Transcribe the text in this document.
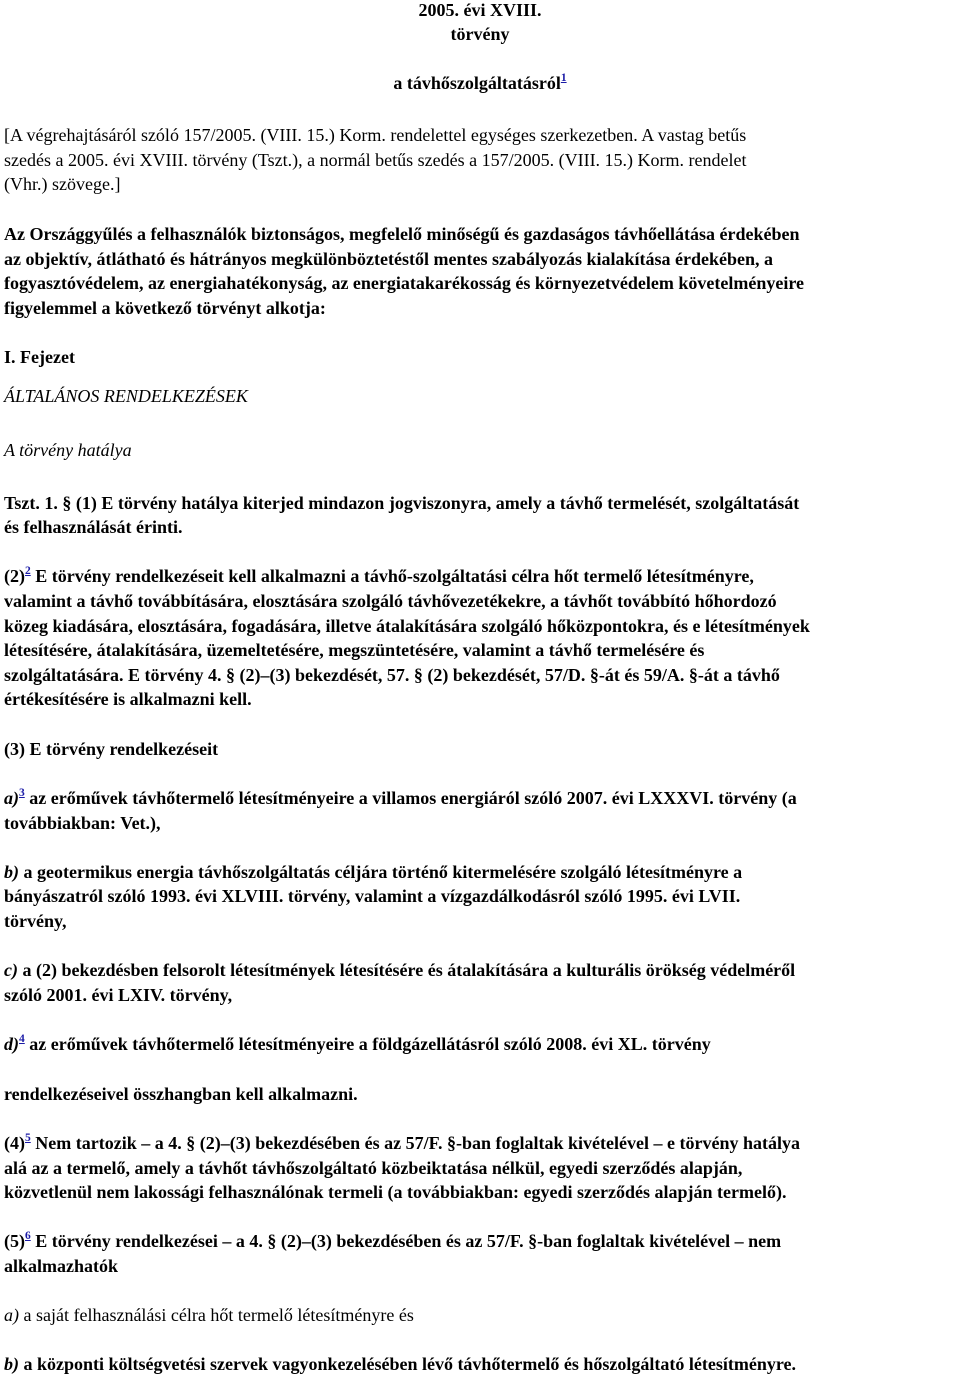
2005. évi XVIII.
törvény
a távhőszolgáltatásról$^1$
[A végrehajtásáról szóló 157/2005. (VIII. 15.) Korm. rendelettel egységes szerkezetben. A vastag betűs
szedés a 2005. évi XVIII. törvény (Tszt.), a normál betűs szedés a 157/2005. (VIII. 15.) Korm. rendelet
(Vhr.) szövege.]
Az Országgyűlés a felhasználók biztonságos, megfelelő minőségű és gazdaságos távhőellátása érdekében
az objektív, átlátható és hátrányos megkülönböztetéstől mentes szabályozás kialakítása érdekében, a
fogyasztóvédelem, az energiahatékonyság, az energiatakarékosság és környezetvédelem követelményeire
figyelemmel a következő törvényt alkotja:
I. Fejezet
ÁLTALÁNOS RENDELKEZÉSEK
A törvény hatálya
Tszt. 1. § (1) E törvény hatálya kiterjed mindazon jogviszonyra, amely a távhő termelését, szolgáltatását
és felhasználását érinti.
(2)$^2$ E törvény rendelkezéseit kell alkalmazni a távhő-szolgáltatási célra hőt termelő létesítményre,
valamint a távhő továbbítására, elosztására szolgáló távhővezetékekre, a távhőt továbbító hőhordozó
közeg kiadására, elosztására, fogadására, illetve átalakítására szolgáló hőközpontokra, és e létesítmények
létesítésére, átalakítására, üzemeltetésére, megszüntetésére, valamint a távhő termelésére és
szolgáltatására. E törvény 4. § (2)–(3) bekezdését, 57. § (2) bekezdését, 57/D. §-át és 59/A. §-át a távhő
értékesítésére is alkalmazni kell.
(3) E törvény rendelkezéseit
a)$^3$ az erőművek távhőtermelő létesítményeire a villamos energiáról szóló 2007. évi LXXXVI. törvény (a
továbbiakban: Vet.),
b) a geotermikus energia távhőszolgáltatás céljára történő kitermelésére szolgáló létesítményre a
bányászatról szóló 1993. évi XLVIII. törvény, valamint a vízgazdálkodásról szóló 1995. évi LVII.
törvény,
c) a (2) bekezdésben felsorolt létesítmények létesítésére és átalakítására a kulturális örökség védelméről
szóló 2001. évi LXIV. törvény,
d)$^4$ az erőművek távhőtermelő létesítményeire a földgázellátásról szóló 2008. évi XL. törvény
rendelkezéseivel összhangban kell alkalmazni.
(4)$^5$ Nem tartozik – a 4. § (2)–(3) bekezdésében és az 57/F. §-ban foglaltak kivételével – e törvény hatálya
alá az a termelő, amely a távhőt távhőszolgáltató közbeiktatása nélkül, egyedi szerződés alapján,
közvetlenül nem lakossági felhasználónak termeli (a továbbiakban: egyedi szerződés alapján termelő).
(5)$^6$ E törvény rendelkezései – a 4. § (2)–(3) bekezdésében és az 57/F. §-ban foglaltak kivételével – nem
alkalmazhatók
a) a saját felhasználási célra hőt termelő létesítményre és
b) a központi költségvetési szervek vagyonkezelésében lévő távhőtermelő és hőszolgáltató létesítményre.
